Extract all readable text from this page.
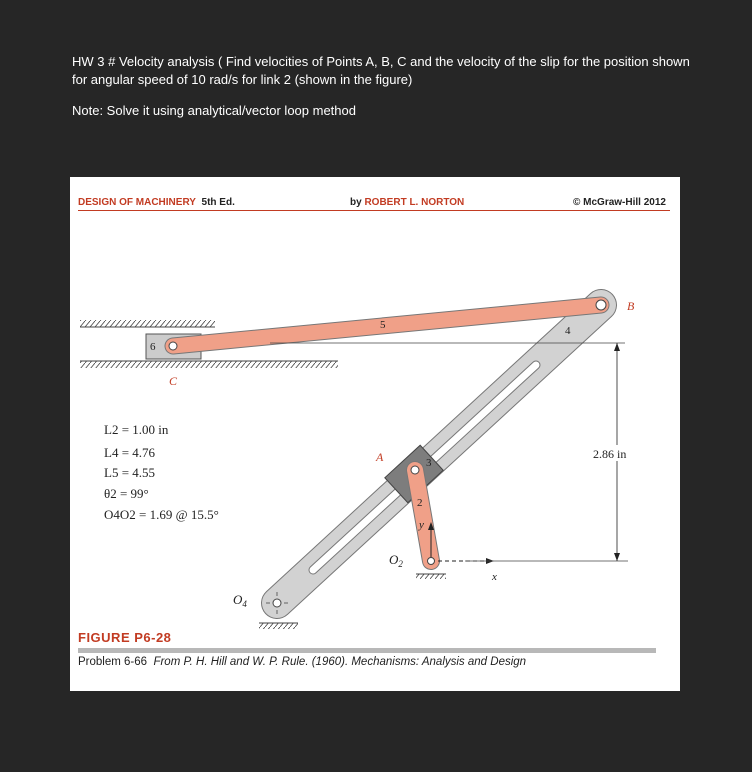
HW 3 # Velocity analysis ( Find velocities of Points A, B, C and the velocity of the slip for the position shown for angular speed of 10 rad/s for link 2 (shown in the figure)
Note: Solve it using analytical/vector loop method
B
A
C
5	4
6
3
2
y
x
2.86 in
$O_2$
$O_4$
DESIGN OF MACHINERY 5th Ed.	by ROBERT L. NORTON	© McGraw-Hill 2012
L2 = 1.00 in
L4 = 4.76
L5 = 4.55
θ2 = 99°
O4O2 = 1.69 @ 15.5°
FIGURE P6-28
Problem 6-66 From P. H. Hill and W. P. Rule. (1960). Mechanisms: Analysis and Design
